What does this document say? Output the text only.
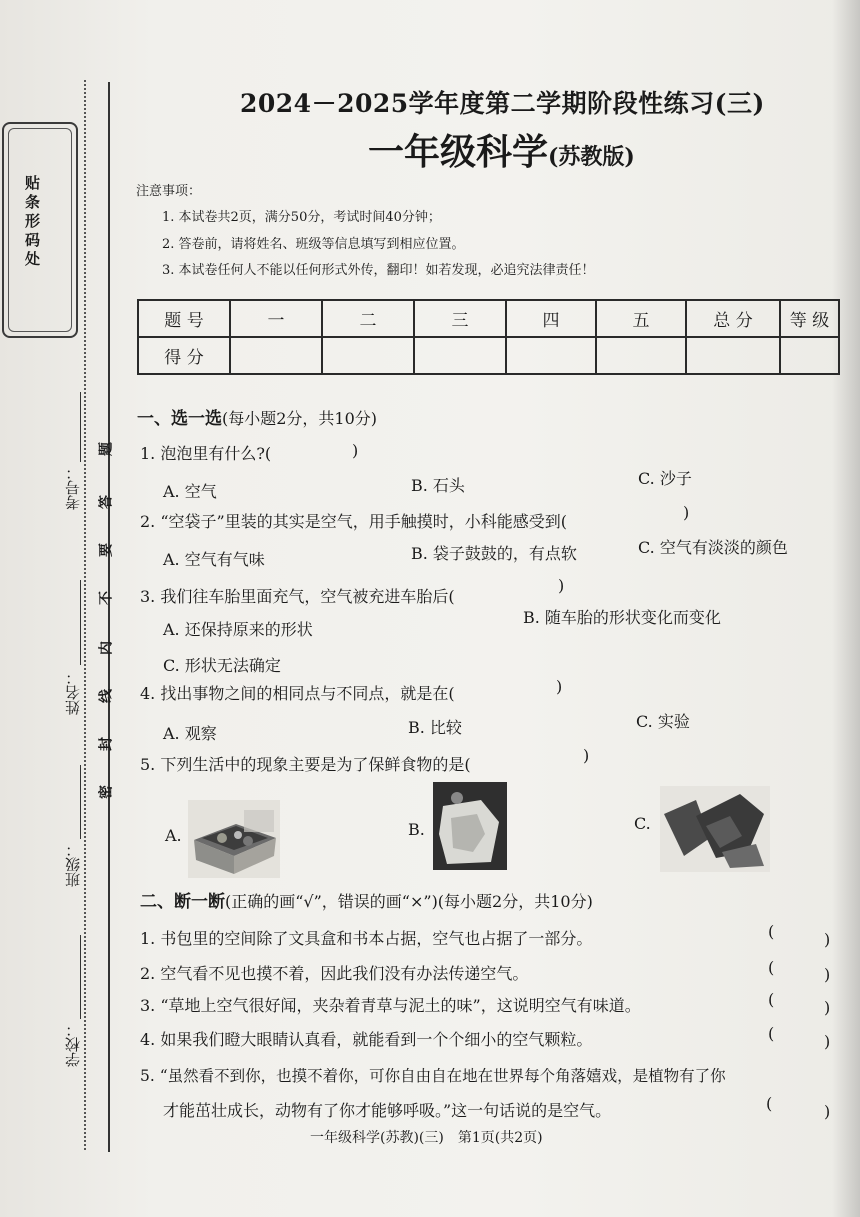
贴条形码处
考号：
姓名：
班级：
学校：
题
答
要
不
内
线
封
密
2024－2025学年度第二学期阶段性练习(三)
一年级科学(苏教版)
注意事项：
1. 本试卷共2页，满分50分，考试时间40分钟；
2. 答卷前，请将姓名、班级等信息填写到相应位置。
3. 本试卷任何人不能以任何形式外传，翻印！如若发现，必追究法律责任！
题 号	一	二	三	四	五	总 分	等 级
得 分							
一、选一选(每小题2分，共10分)
1. 泡泡里有什么?(	)
A. 空气	B. 石头	C. 沙子
2. “空袋子”里装的其实是空气，用手触摸时，小科能感受到(	)
A. 空气有气味	B. 袋子鼓鼓的，有点软	C. 空气有淡淡的颜色
3. 我们往车胎里面充气，空气被充进车胎后(
)
A. 还保持原来的形状
B. 随车胎的形状变化而变化
C. 形状无法确定
4. 找出事物之间的相同点与不同点，就是在(	)
A. 观察	B. 比较	C. 实验
5. 下列生活中的现象主要是为了保鲜食物的是(	)
A.	B.	C.
二、断一断(正确的画“√”，错误的画“×”)(每小题2分，共10分)
1. 书包里的空间除了文具盒和书本占据，空气也占据了一部分。	(	)
2. 空气看不见也摸不着，因此我们没有办法传递空气。	(	)
3. “草地上空气很好闻，夹杂着青草与泥土的味”，这说明空气有味道。	(	)
4. 如果我们瞪大眼睛认真看，就能看到一个个细小的空气颗粒。	(	)
5. “虽然看不到你，也摸不着你，可你自由自在地在世界每个角落嬉戏，是植物有了你
才能茁壮成长，动物有了你才能够呼吸。”这一句话说的是空气。	(	)
一年级科学(苏教)(三)　第1页(共2页)
